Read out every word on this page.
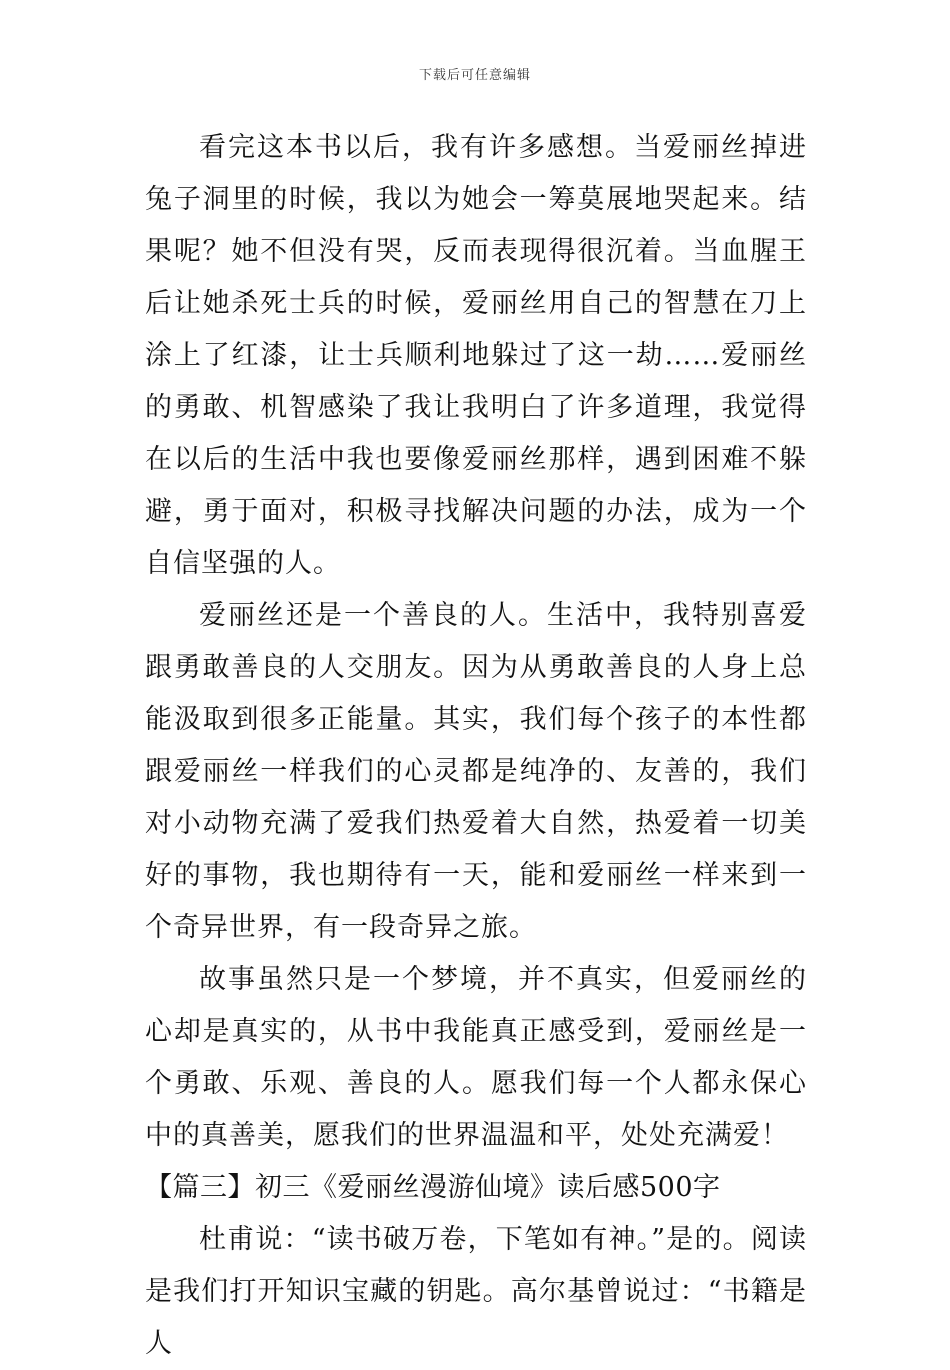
下载后可任意编辑

看完这本书以后，我有许多感想。当爱丽丝掉进兔子洞里的时候，我以为她会一筹莫展地哭起来。结果呢？她不但没有哭，反而表现得很沉着。当血腥王后让她杀死士兵的时候，爱丽丝用自己的智慧在刀上涂上了红漆，让士兵顺利地躲过了这一劫……爱丽丝的勇敢、机智感染了我让我明白了许多道理，我觉得在以后的生活中我也要像爱丽丝那样，遇到困难不躲避，勇于面对，积极寻找解决问题的办法，成为一个自信坚强的人。

爱丽丝还是一个善良的人。生活中，我特别喜爱跟勇敢善良的人交朋友。因为从勇敢善良的人身上总能汲取到很多正能量。其实，我们每个孩子的本性都跟爱丽丝一样我们的心灵都是纯净的、友善的，我们对小动物充满了爱我们热爱着大自然，热爱着一切美好的事物，我也期待有一天，能和爱丽丝一样来到一个奇异世界，有一段奇异之旅。

故事虽然只是一个梦境，并不真实，但爱丽丝的心却是真实的，从书中我能真正感受到，爱丽丝是一个勇敢、乐观、善良的人。愿我们每一个人都永保心中的真善美，愿我们的世界温温和平，处处充满爱！

【篇三】初三《爱丽丝漫游仙境》读后感500字

杜甫说：“读书破万卷，下笔如有神。”是的。阅读是我们打开知识宝藏的钥匙。高尔基曾说过：“书籍是人
